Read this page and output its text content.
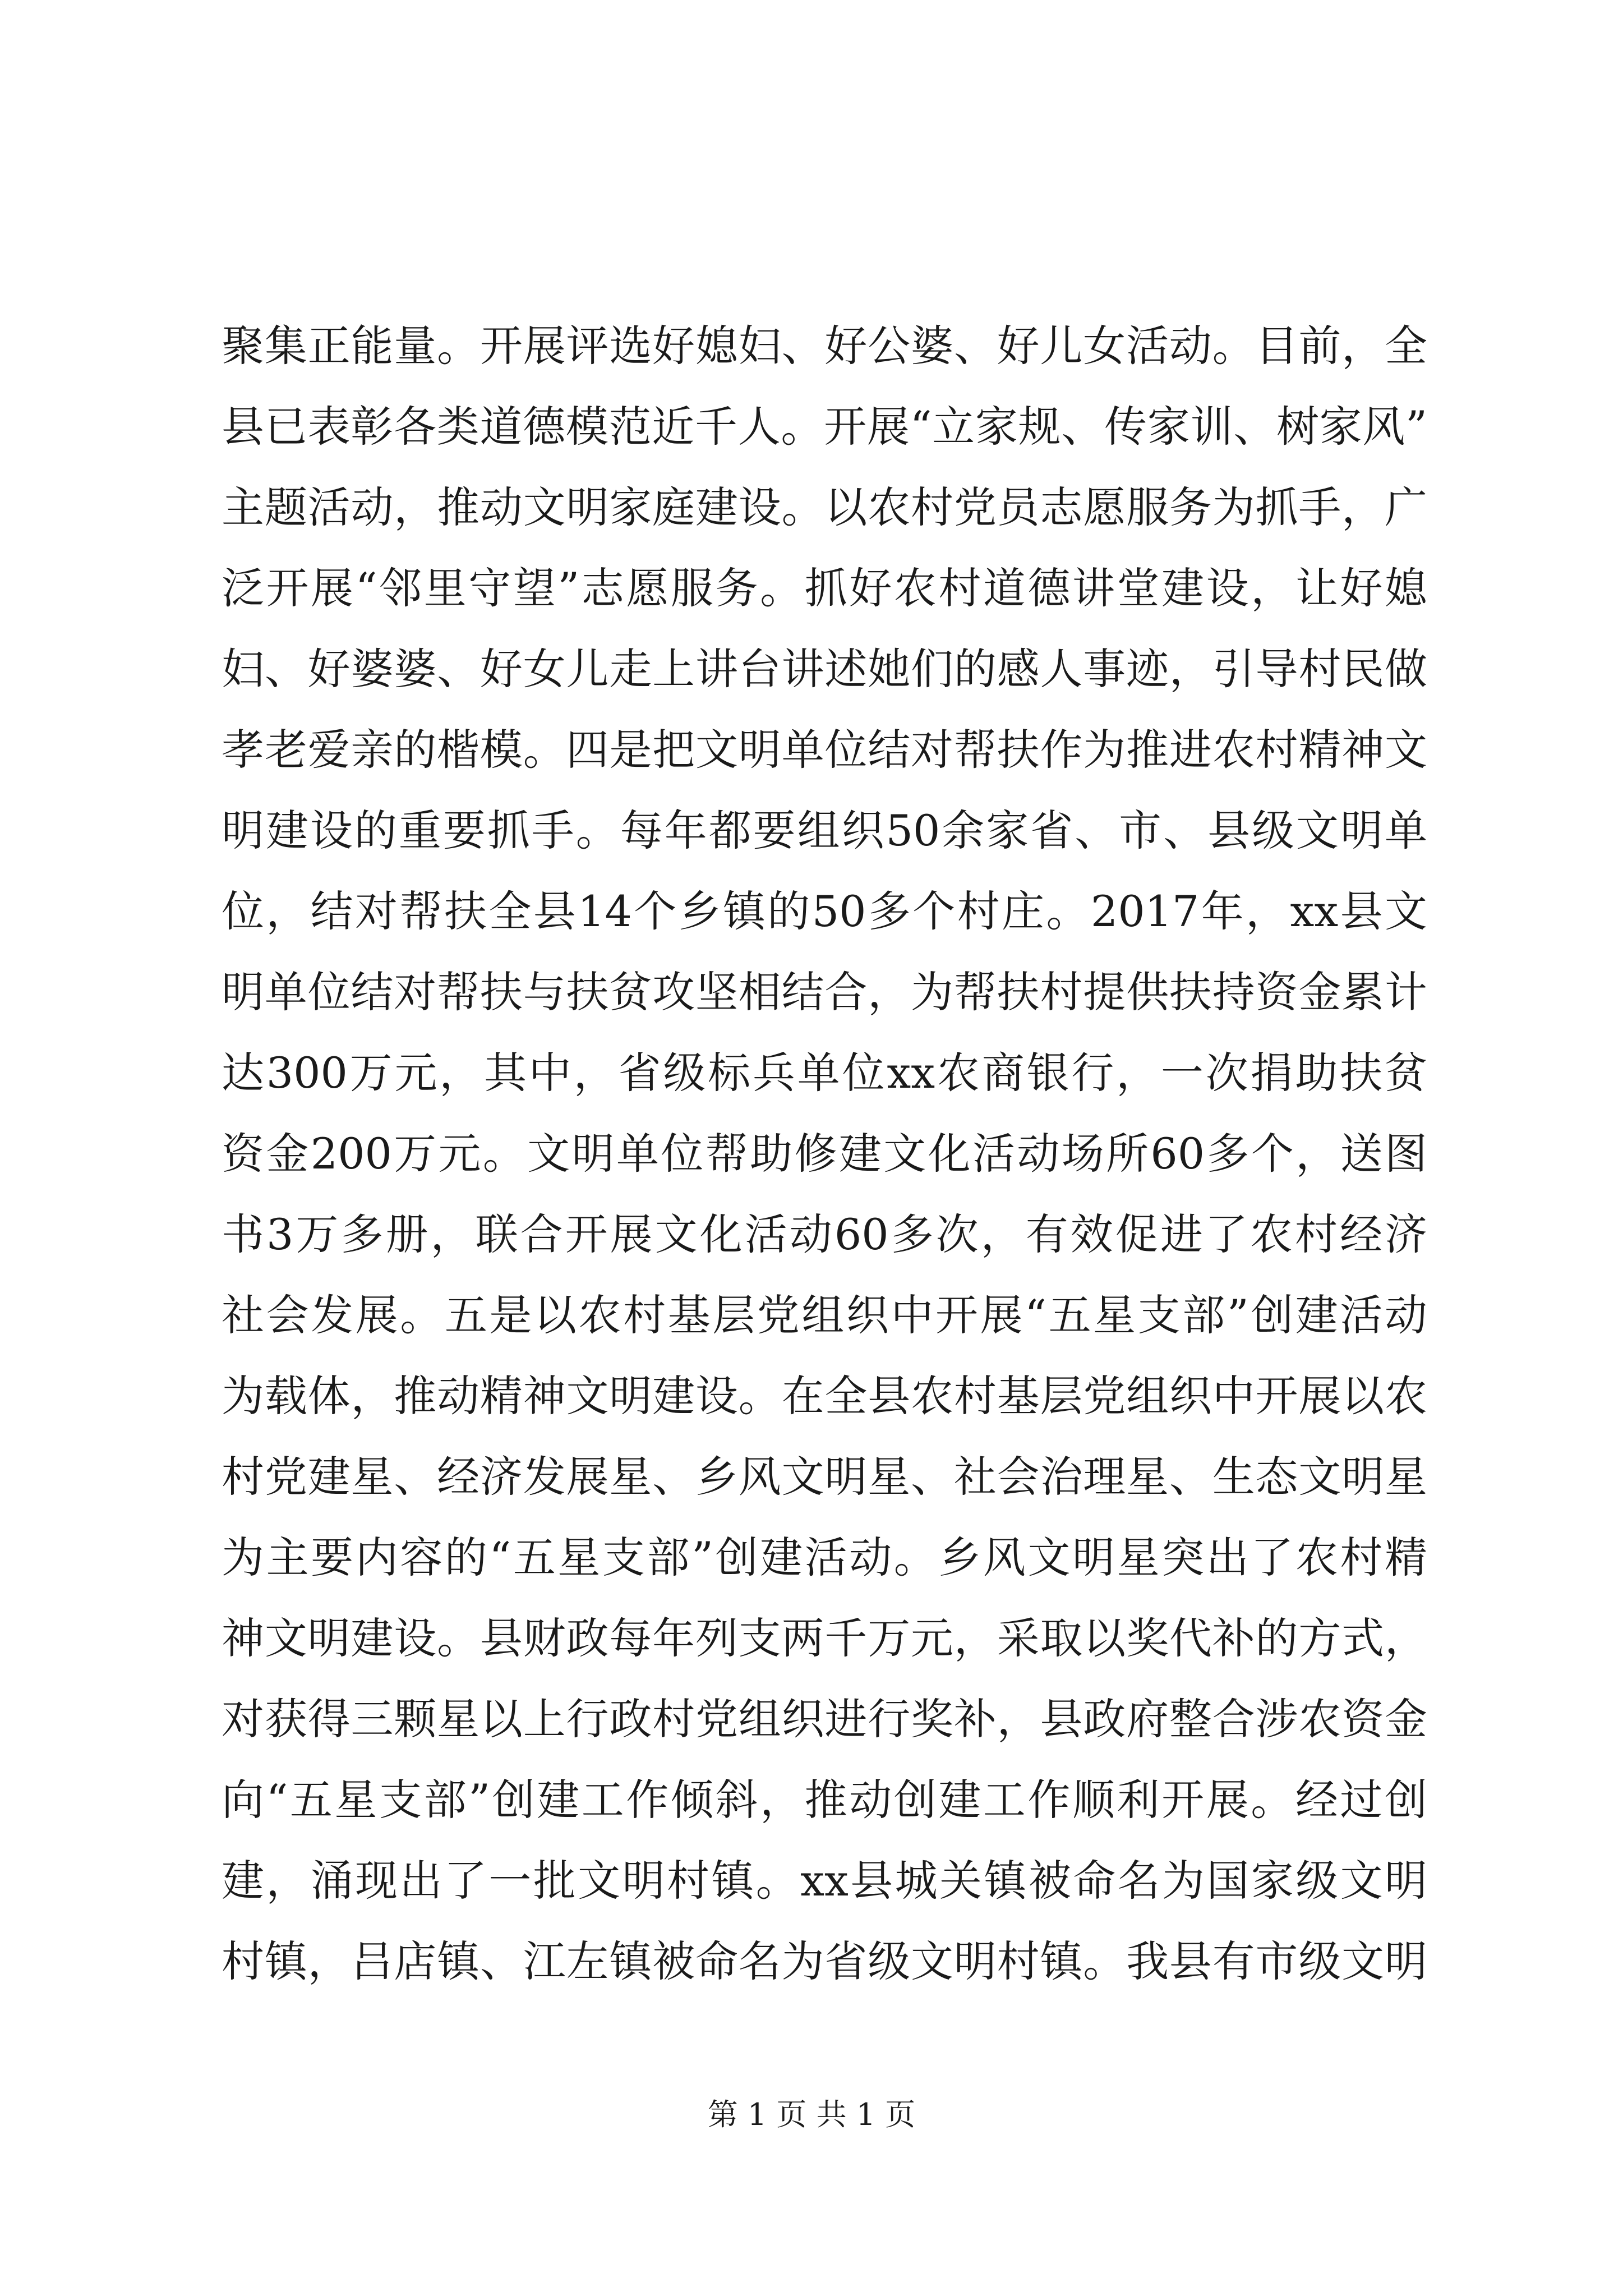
聚集正能量。开展评选好媳妇、好公婆、好儿女活动。目前，全
县已表彰各类道德模范近千人。开展“立家规、传家训、树家风”
主题活动，推动文明家庭建设。以农村党员志愿服务为抓手，广
泛开展“邻里守望”志愿服务。抓好农村道德讲堂建设，让好媳
妇、好婆婆、好女儿走上讲台讲述她们的感人事迹，引导村民做
孝老爱亲的楷模。四是把文明单位结对帮扶作为推进农村精神文
明建设的重要抓手。每年都要组织50余家省、市、县级文明单
位，结对帮扶全县14个乡镇的50多个村庄。2017年，xx县文
明单位结对帮扶与扶贫攻坚相结合，为帮扶村提供扶持资金累计
达300万元，其中，省级标兵单位xx农商银行，一次捐助扶贫
资金200万元。文明单位帮助修建文化活动场所60多个，送图
书3万多册，联合开展文化活动60多次，有效促进了农村经济
社会发展。五是以农村基层党组织中开展“五星支部”创建活动
为载体，推动精神文明建设。在全县农村基层党组织中开展以农
村党建星、经济发展星、乡风文明星、社会治理星、生态文明星
为主要内容的“五星支部”创建活动。乡风文明星突出了农村精
神文明建设。县财政每年列支两千万元，采取以奖代补的方式，
对获得三颗星以上行政村党组织进行奖补，县政府整合涉农资金
向“五星支部”创建工作倾斜，推动创建工作顺利开展。经过创
建，涌现出了一批文明村镇。xx县城关镇被命名为国家级文明
村镇，吕店镇、江左镇被命名为省级文明村镇。我县有市级文明
第 1 页 共 1 页
